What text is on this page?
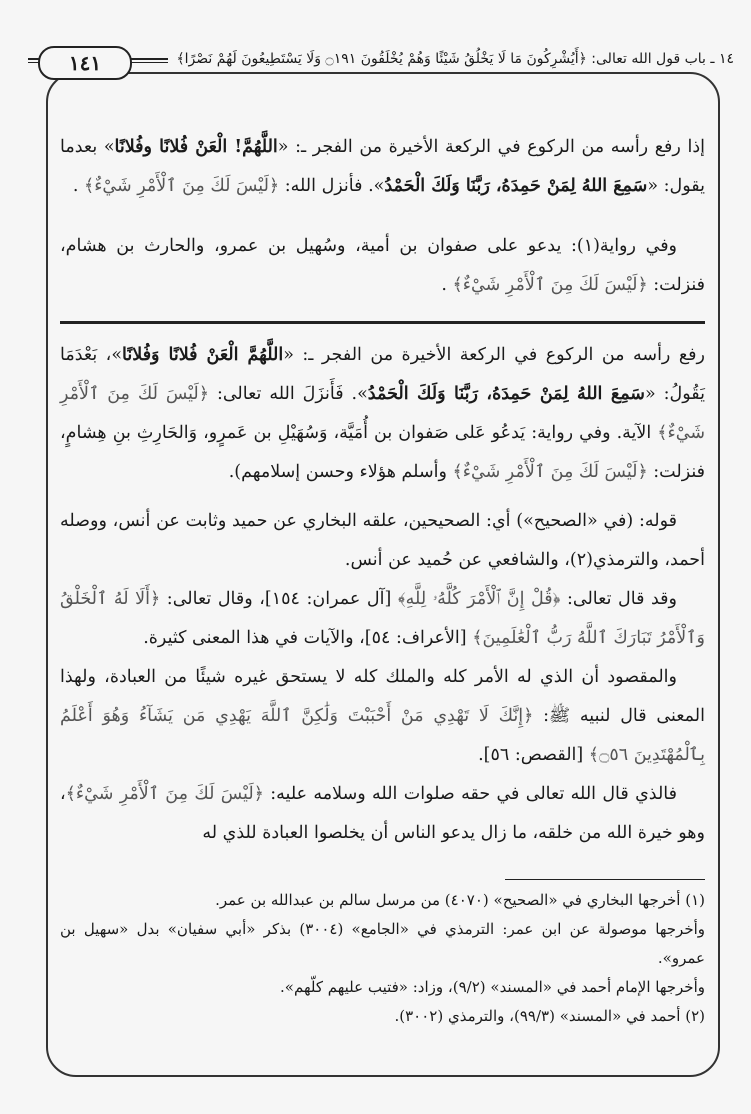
١٤١	١٤ ـ باب قول الله تعالى: ﴿أَيُشْرِكُونَ مَا لَا يَخْلُقُ شَيْئًا وَهُمْ يُخْلَقُونَ ۝١٩١ وَلَا يَسْتَطِيعُونَ لَهُمْ نَصْرًا﴾

إذا رفع رأسه من الركوع في الركعة الأخيرة من الفجر ـ: «اللَّهُمَّ! الْعَنْ فُلانًا وفُلانًا» بعدما يقول: «سَمِعَ اللهُ لِمَنْ حَمِدَهُ، رَبَّنَا وَلَكَ الْحَمْدُ». فأنزل الله: ﴿لَيْسَ لَكَ مِنَ ٱلْأَمْرِ شَيْءٌ﴾ .

وفي رواية(١): يدعو على صفوان بن أمية، وسُهيل بن عمرو، والحارث بن هشام، فنزلت: ﴿لَيْسَ لَكَ مِنَ ٱلْأَمْرِ شَيْءٌ﴾ .

رفع رأسه من الركوع في الركعة الأخيرة من الفجر ـ: «اللَّهُمَّ الْعَنْ فُلانًا وَفُلانًا»، بَعْدَمَا يَقُولُ: «سَمِعَ اللهُ لِمَنْ حَمِدَهُ، رَبَّنَا وَلَكَ الْحَمْدُ». فَأَنزَلَ الله تعالى: ﴿لَيْسَ لَكَ مِنَ ٱلْأَمْرِ شَيْءٌ﴾ الآية. وفي رواية: يَدعُو عَلى صَفوان بن أُمَيَّة، وَسُهَيْلِ بن عَمرٍو، وَالحَارِثِ بنِ هِشامٍ، فنزلت: ﴿لَيْسَ لَكَ مِنَ ٱلْأَمْرِ شَيْءٌ﴾ وأسلم هؤلاء وحسن إسلامهم).

قوله: (في «الصحيح») أي: الصحيحين، علقه البخاري عن حميد وثابت عن أنس، ووصله أحمد، والترمذي(٢)، والشافعي عن حُميد عن أنس.

وقد قال تعالى: ﴿قُلْ إِنَّ ٱلْأَمْرَ كُلَّهُۥ لِلَّهِ﴾ [آل عمران: ١٥٤]، وقال تعالى: ﴿أَلَا لَهُ ٱلْخَلْقُ وَٱلْأَمْرُ تَبَارَكَ ٱللَّهُ رَبُّ ٱلْعَٰلَمِينَ﴾ [الأعراف: ٥٤]، والآيات في هذا المعنى كثيرة.

والمقصود أن الذي له الأمر كله والملك كله لا يستحق غيره شيئًا من العبادة، ولهذا المعنى قال لنبيه ﷺ: ﴿إِنَّكَ لَا تَهْدِي مَنْ أَحْبَبْتَ وَلَٰكِنَّ ٱللَّهَ يَهْدِي مَن يَشَآءُ وَهُوَ أَعْلَمُ بِٱلْمُهْتَدِينَ ۝٥٦﴾ [القصص: ٥٦].

فالذي قال الله تعالى في حقه صلوات الله وسلامه عليه: ﴿لَيْسَ لَكَ مِنَ ٱلْأَمْرِ شَيْءٌ﴾، وهو خيرة الله من خلقه، ما زال يدعو الناس أن يخلصوا العبادة للذي له

(١) أخرجها البخاري في «الصحيح» (٤٠٧٠) من مرسل سالم بن عبدالله بن عمر.

وأخرجها موصولة عن ابن عمر: الترمذي في «الجامع» (٣٠٠٤) بذكر «أبي سفيان» بدل «سهيل بن عمرو».

وأخرجها الإمام أحمد في «المسند» (٩/٢)، وزاد: «فتيب عليهم كلّهم».

(٢) أحمد في «المسند» (٩٩/٣)، والترمذي (٣٠٠٢).
